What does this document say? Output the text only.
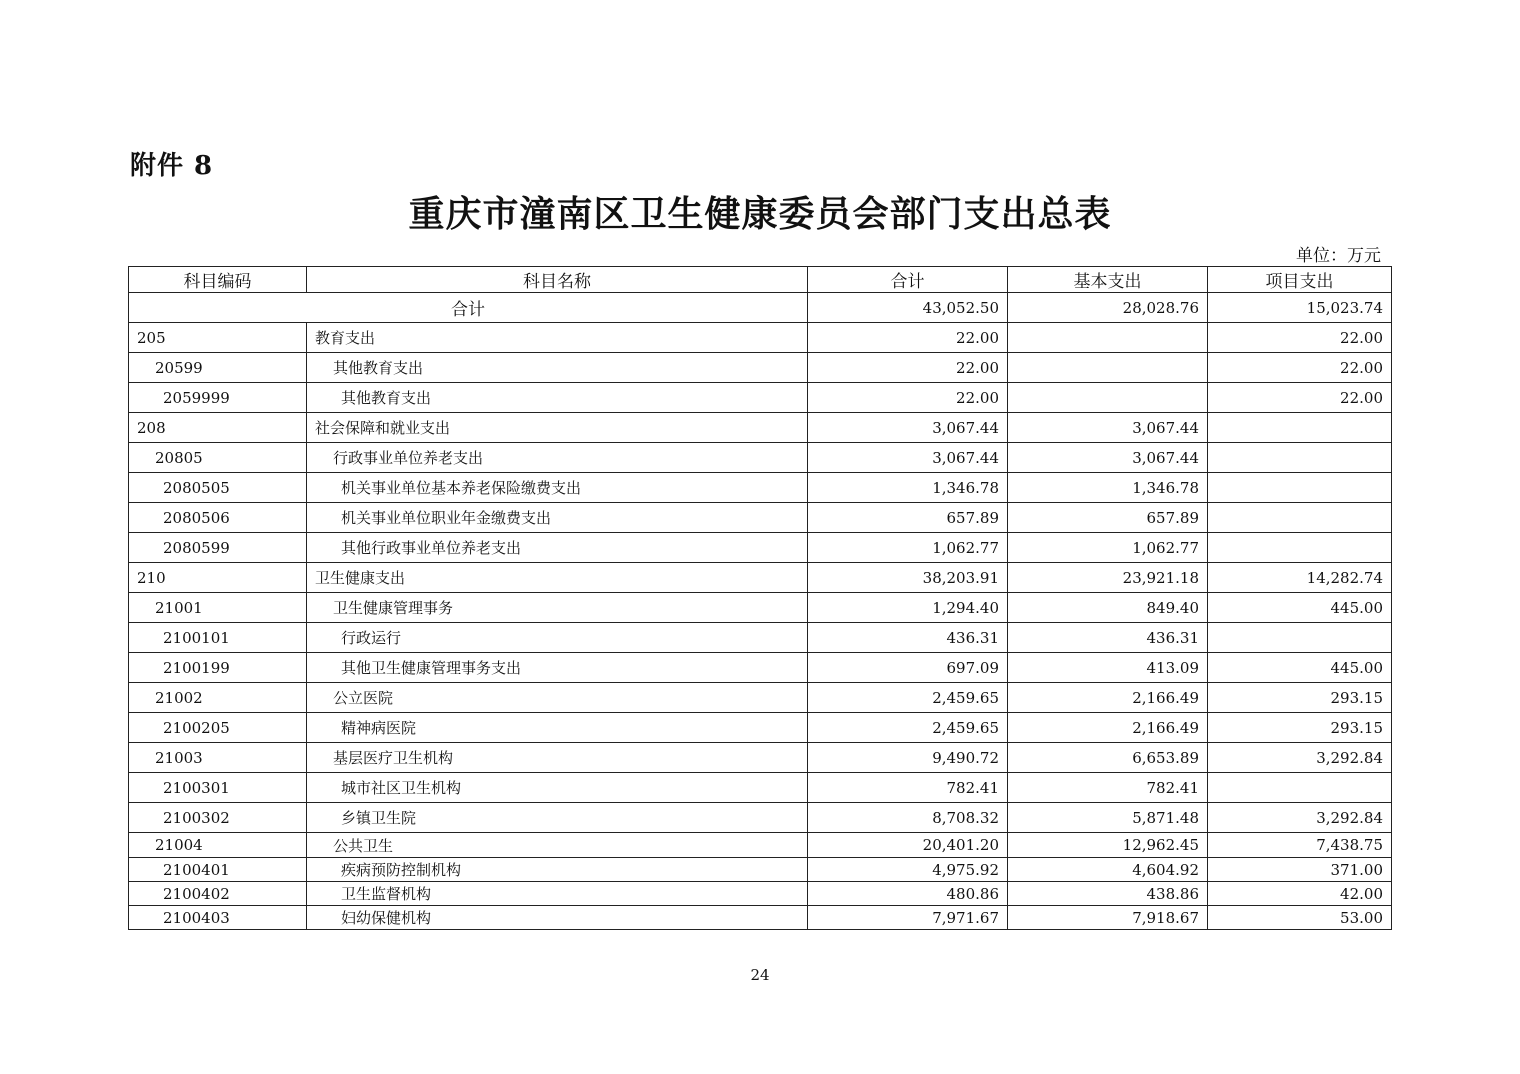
附件 8
重庆市潼南区卫生健康委员会部门支出总表
单位：万元
科目编码	科目名称	合计	基本支出	项目支出
合计		43,052.50	28,028.76	15,023.74
205	教育支出	22.00		22.00
20599	其他教育支出	22.00		22.00
2059999	其他教育支出	22.00		22.00
208	社会保障和就业支出	3,067.44	3,067.44	
20805	行政事业单位养老支出	3,067.44	3,067.44	
2080505	机关事业单位基本养老保险缴费支出	1,346.78	1,346.78	
2080506	机关事业单位职业年金缴费支出	657.89	657.89	
2080599	其他行政事业单位养老支出	1,062.77	1,062.77	
210	卫生健康支出	38,203.91	23,921.18	14,282.74
21001	卫生健康管理事务	1,294.40	849.40	445.00
2100101	行政运行	436.31	436.31	
2100199	其他卫生健康管理事务支出	697.09	413.09	445.00
21002	公立医院	2,459.65	2,166.49	293.15
2100205	精神病医院	2,459.65	2,166.49	293.15
21003	基层医疗卫生机构	9,490.72	6,653.89	3,292.84
2100301	城市社区卫生机构	782.41	782.41	
2100302	乡镇卫生院	8,708.32	5,871.48	3,292.84
21004	公共卫生	20,401.20	12,962.45	7,438.75
2100401	疾病预防控制机构	4,975.92	4,604.92	371.00
2100402	卫生监督机构	480.86	438.86	42.00
2100403	妇幼保健机构	7,971.67	7,918.67	53.00
24
